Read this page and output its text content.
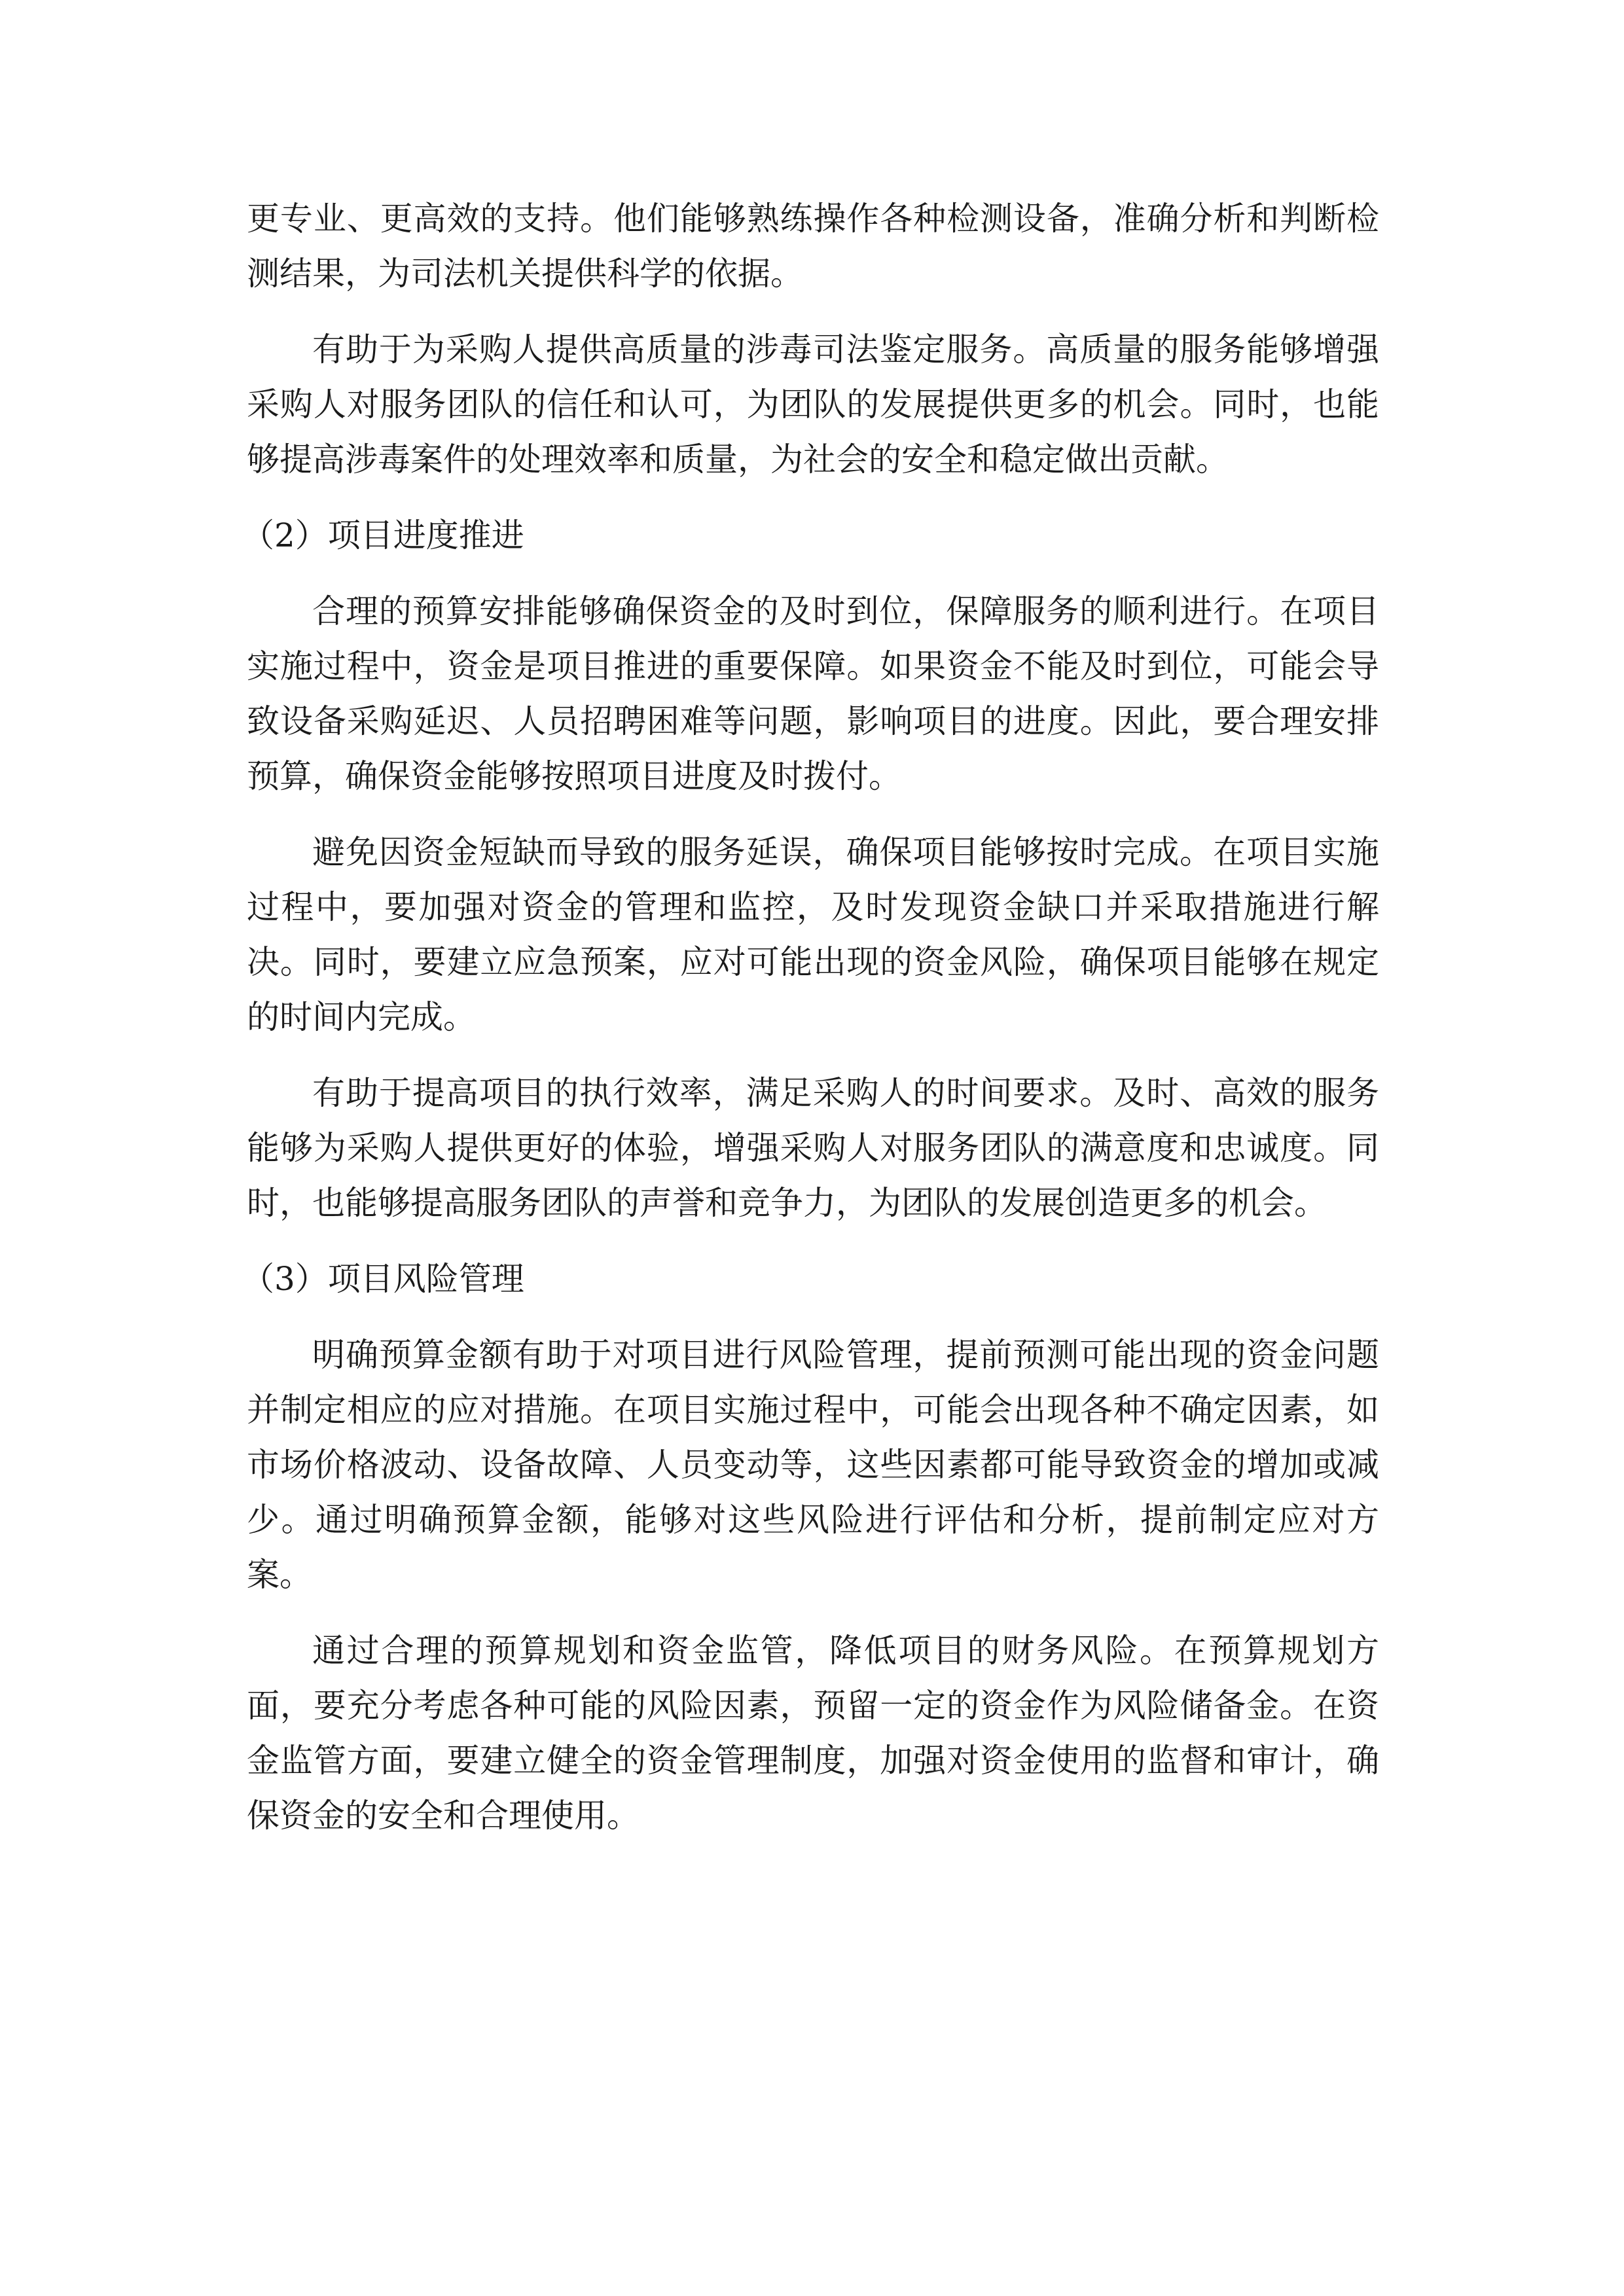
更专业、更高效的支持。他们能够熟练操作各种检测设备，准确分析和判断检测结果，为司法机关提供科学的依据。

有助于为采购人提供高质量的涉毒司法鉴定服务。高质量的服务能够增强采购人对服务团队的信任和认可，为团队的发展提供更多的机会。同时，也能够提高涉毒案件的处理效率和质量，为社会的安全和稳定做出贡献。

（2）项目进度推进

合理的预算安排能够确保资金的及时到位，保障服务的顺利进行。在项目实施过程中，资金是项目推进的重要保障。如果资金不能及时到位，可能会导致设备采购延迟、人员招聘困难等问题，影响项目的进度。因此，要合理安排预算，确保资金能够按照项目进度及时拨付。

避免因资金短缺而导致的服务延误，确保项目能够按时完成。在项目实施过程中，要加强对资金的管理和监控，及时发现资金缺口并采取措施进行解决。同时，要建立应急预案，应对可能出现的资金风险，确保项目能够在规定的时间内完成。

有助于提高项目的执行效率，满足采购人的时间要求。及时、高效的服务能够为采购人提供更好的体验，增强采购人对服务团队的满意度和忠诚度。同时，也能够提高服务团队的声誉和竞争力，为团队的发展创造更多的机会。

（3）项目风险管理

明确预算金额有助于对项目进行风险管理，提前预测可能出现的资金问题并制定相应的应对措施。在项目实施过程中，可能会出现各种不确定因素，如市场价格波动、设备故障、人员变动等，这些因素都可能导致资金的增加或减少。通过明确预算金额，能够对这些风险进行评估和分析，提前制定应对方案。

通过合理的预算规划和资金监管，降低项目的财务风险。在预算规划方面，要充分考虑各种可能的风险因素，预留一定的资金作为风险储备金。在资金监管方面，要建立健全的资金管理制度，加强对资金使用的监督和审计，确保资金的安全和合理使用。
